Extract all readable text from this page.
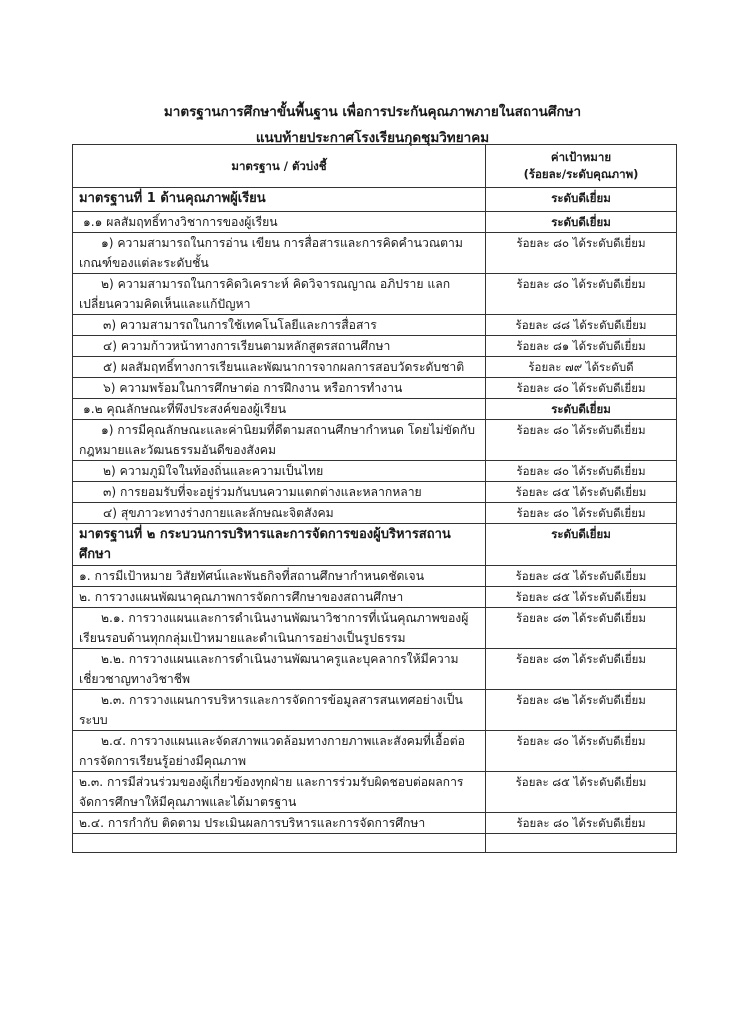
มาตรฐานการศึกษาขั้นพื้นฐาน เพื่อการประกันคุณภาพภายในสถานศึกษา
แนบท้ายประกาศโรงเรียนกุดชุมวิทยาคม
มาตรฐาน / ตัวบ่งชี้	ค่าเป้าหมาย
(ร้อยละ/ระดับคุณภาพ)

มาตรฐานที่ 1 ด้านคุณภาพผู้เรียน	ระดับดีเยี่ยม
๑.๑ ผลสัมฤทธิ์ทางวิชาการของผู้เรียน	ระดับดีเยี่ยม
๑) ความสามารถในการอ่าน เขียน การสื่อสารและการคิดคำนวณตามเกณฑ์ของแต่ละระดับชั้น	ร้อยละ ๘๐ ได้ระดับดีเยี่ยม
๒) ความสามารถในการคิดวิเคราะห์ คิดวิจารณญาณ อภิปราย แลกเปลี่ยนความคิดเห็นและแก้ปัญหา	ร้อยละ ๘๐ ได้ระดับดีเยี่ยม
๓) ความสามารถในการใช้เทคโนโลยีและการสื่อสาร	ร้อยละ ๘๘ ได้ระดับดีเยี่ยม
๔) ความก้าวหน้าทางการเรียนตามหลักสูตรสถานศึกษา	ร้อยละ ๘๑ ได้ระดับดีเยี่ยม
๕) ผลสัมฤทธิ์ทางการเรียนและพัฒนาการจากผลการสอบวัดระดับชาติ	ร้อยละ ๗๙ ได้ระดับดี
๖) ความพร้อมในการศึกษาต่อ การฝึกงาน หรือการทำงาน	ร้อยละ ๘๐ ได้ระดับดีเยี่ยม
๑.๒ คุณลักษณะที่พึงประสงค์ของผู้เรียน	ระดับดีเยี่ยม
๑) การมีคุณลักษณะและค่านิยมที่ดีตามสถานศึกษากำหนด โดยไม่ขัดกับกฎหมายและวัฒนธรรมอันดีของสังคม	ร้อยละ ๘๐ ได้ระดับดีเยี่ยม
๒) ความภูมิใจในท้องถิ่นและความเป็นไทย	ร้อยละ ๘๐ ได้ระดับดีเยี่ยม
๓) การยอมรับที่จะอยู่ร่วมกันบนความแตกต่างและหลากหลาย	ร้อยละ ๘๕ ได้ระดับดีเยี่ยม
๔) สุขภาวะทางร่างกายและลักษณะจิตสังคม	ร้อยละ ๘๐ ได้ระดับดีเยี่ยม
มาตรฐานที่ ๒ กระบวนการบริหารและการจัดการของผู้บริหารสถานศึกษา	ระดับดีเยี่ยม
๑. การมีเป้าหมาย วิสัยทัศน์และพันธกิจที่สถานศึกษากำหนดชัดเจน	ร้อยละ ๘๕ ได้ระดับดีเยี่ยม
๒. การวางแผนพัฒนาคุณภาพการจัดการศึกษาของสถานศึกษา	ร้อยละ ๘๕ ได้ระดับดีเยี่ยม
๒.๑. การวางแผนและการดำเนินงานพัฒนาวิชาการที่เน้นคุณภาพของผู้เรียนรอบด้านทุกกลุ่มเป้าหมายและดำเนินการอย่างเป็นรูปธรรม	ร้อยละ ๘๓ ได้ระดับดีเยี่ยม
๒.๒. การวางแผนและการดำเนินงานพัฒนาครูและบุคลากรให้มีความเชี่ยวชาญทางวิชาชีพ	ร้อยละ ๘๓ ได้ระดับดีเยี่ยม
๒.๓. การวางแผนการบริหารและการจัดการข้อมูลสารสนเทศอย่างเป็นระบบ	ร้อยละ ๘๒ ได้ระดับดีเยี่ยม
๒.๔. การวางแผนและจัดสภาพแวดล้อมทางกายภาพและสังคมที่เอื้อต่อการจัดการเรียนรู้อย่างมีคุณภาพ	ร้อยละ ๘๐ ได้ระดับดีเยี่ยม
๒.๓. การมีส่วนร่วมของผู้เกี่ยวข้องทุกฝ่าย และการร่วมรับผิดชอบต่อผลการจัดการศึกษาให้มีคุณภาพและได้มาตรฐาน	ร้อยละ ๘๕ ได้ระดับดีเยี่ยม
๒.๔. การกำกับ ติดตาม ประเมินผลการบริหารและการจัดการศึกษา	ร้อยละ ๘๐ ได้ระดับดีเยี่ยม
